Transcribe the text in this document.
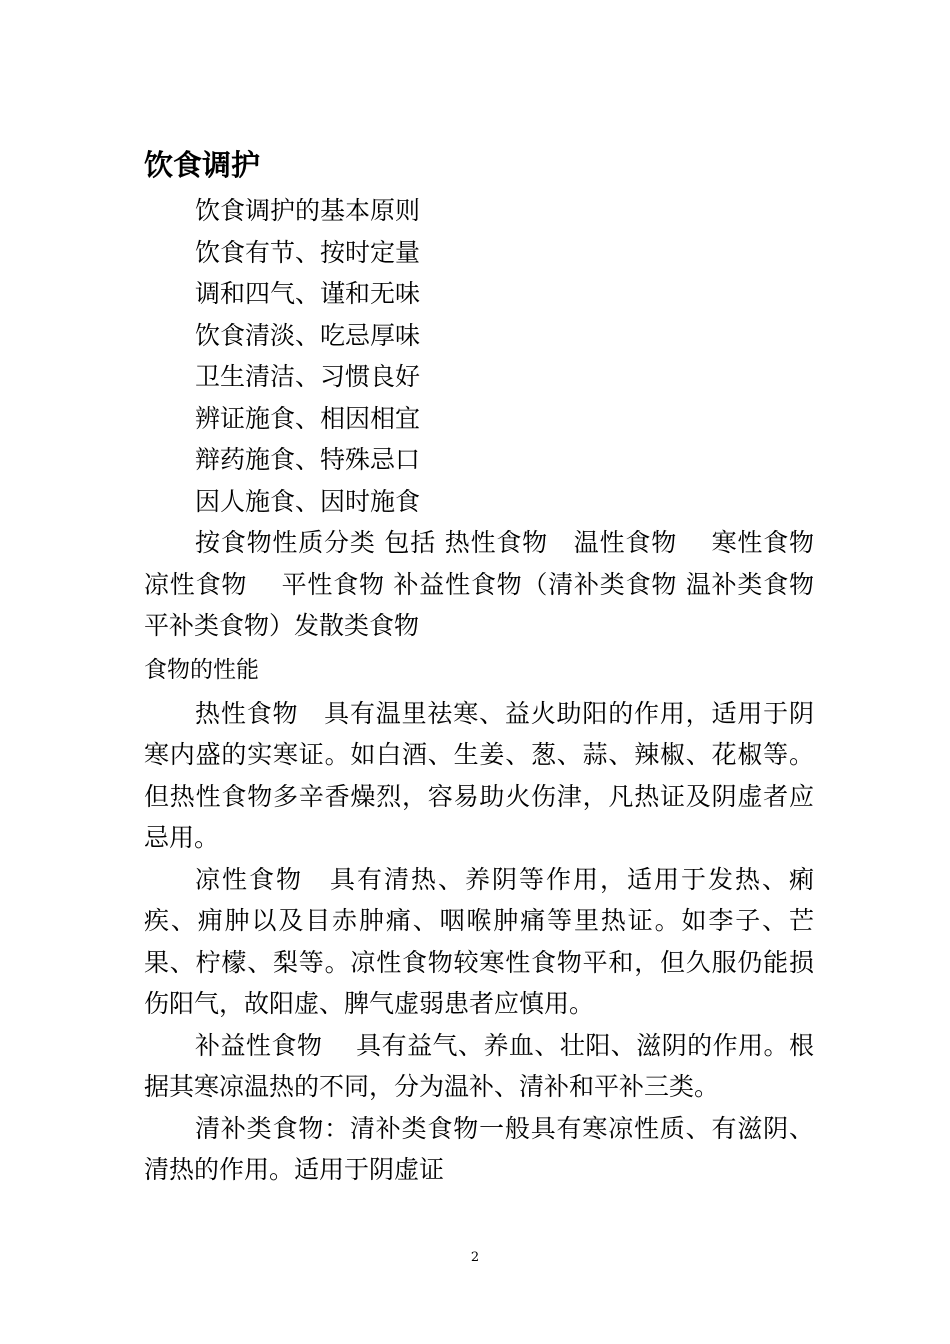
饮食调护

饮食调护的基本原则

饮食有节、按时定量

调和四气、谨和无味

饮食清淡、吃忌厚味

卫生清洁、习惯良好

辨证施食、相因相宜

辩药施食、特殊忌口

因人施食、因时施食

按食物性质分类 包括 热性食物　温性食物　 寒性食物　凉性食物　 平性食物 补益性食物（清补类食物 温补类食物 平补类食物）发散类食物

食物的性能

热性食物　具有温里祛寒、益火助阳的作用，适用于阴寒内盛的实寒证。如白酒、生姜、葱、蒜、辣椒、花椒等。但热性食物多辛香燥烈，容易助火伤津，凡热证及阴虚者应忌用。

凉性食物　具有清热、养阴等作用，适用于发热、痢疾、痈肿以及目赤肿痛、咽喉肿痛等里热证。如李子、芒果、柠檬、梨等。凉性食物较寒性食物平和，但久服仍能损伤阳气，故阳虚、脾气虚弱患者应慎用。

补益性食物　 具有益气、养血、壮阳、滋阴的作用。根据其寒凉温热的不同，分为温补、清补和平补三类。

清补类食物：清补类食物一般具有寒凉性质、有滋阴、清热的作用。适用于阴虚证

2
